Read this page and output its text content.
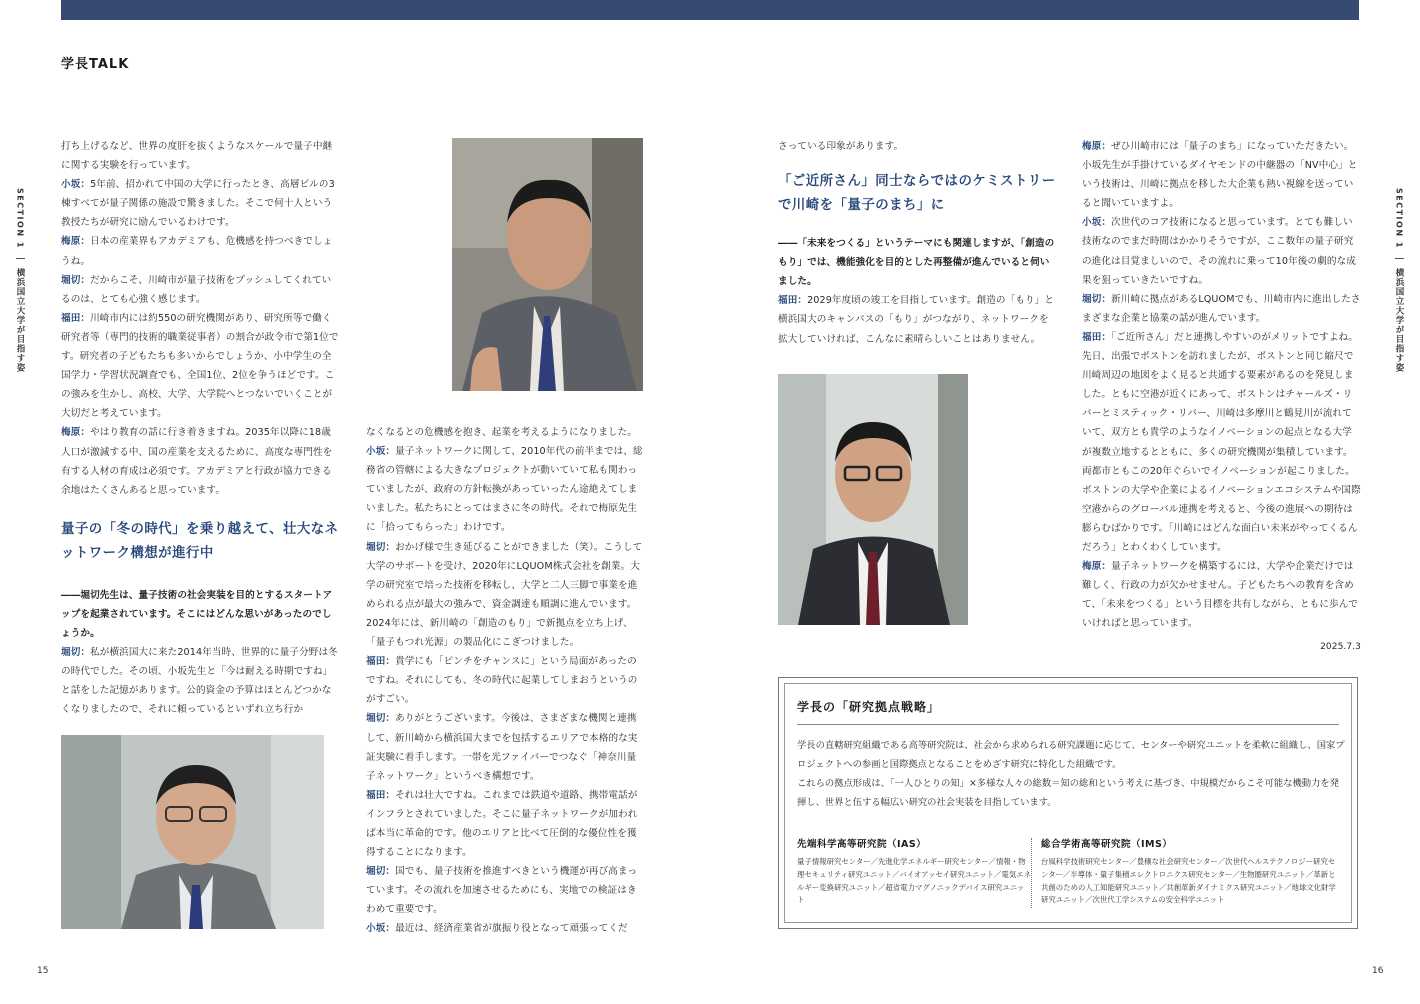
学長TALK
SECTION 1
横浜国立大学が目指す姿
SECTION 1
横浜国立大学が目指す姿

打ち上げるなど、世界の度肝を抜くようなスケールで量子中継に関する実験を行っています。

小坂：5年前、招かれて中国の大学に行ったとき、高層ビルの3棟すべてが量子関係の施設で驚きました。そこで何十人という教授たちが研究に励んでいるわけです。

梅原：日本の産業界もアカデミアも、危機感を持つべきでしょうね。

堀切：だからこそ、川崎市が量子技術をプッシュしてくれているのは、とても心強く感じます。

福田：川崎市内には約550の研究機関があり、研究所等で働く研究者等（専門的技術的職業従事者）の割合が政令市で第1位です。研究者の子どもたちも多いからでしょうか、小中学生の全国学力・学習状況調査でも、全国1位、2位を争うほどです。この強みを生かし、高校、大学、大学院へとつないでいくことが大切だと考えています。

梅原：やはり教育の話に行き着きますね。2035年以降に18歳人口が激減する中、国の産業を支えるために、高度な専門性を有する人材の育成は必須です。アカデミアと行政が協力できる余地はたくさんあると思っています。

量子の「冬の時代」を乗り越えて、壮大なネットワーク構想が進行中

――堀切先生は、量子技術の社会実装を目的とするスタートアップを起業されています。そこにはどんな思いがあったのでしょうか。

堀切：私が横浜国大に来た2014年当時、世界的に量子分野は冬の時代でした。その頃、小坂先生と「今は耐える時期ですね」と話をした記憶があります。公的資金の予算はほとんどつかなくなりましたので、それに頼っているといずれ立ち行か

なくなるとの危機感を抱き、起業を考えるようになりました。

小坂：量子ネットワークに関して、2010年代の前半までは、総務省の管轄による大きなプロジェクトが動いていて私も関わっていましたが、政府の方針転換があっていったん途絶えてしまいました。私たちにとってはまさに冬の時代。それで梅原先生に「拾ってもらった」わけです。

堀切：おかげ様で生き延びることができました（笑）。こうして大学のサポートを受け、2020年にLQUOM株式会社を創業。大学の研究室で培った技術を移転し、大学と二人三脚で事業を進められる点が最大の強みで、資金調達も順調に進んでいます。2024年には、新川崎の「創造のもり」で新拠点を立ち上げ、「量子もつれ光源」の製品化にこぎつけました。

福田：貴学にも「ピンチをチャンスに」という局面があったのですね。それにしても、冬の時代に起業してしまおうというのがすごい。

堀切：ありがとうございます。今後は、さまざまな機関と連携して、新川崎から横浜国大までを包括するエリアで本格的な実証実験に着手します。一帯を光ファイバーでつなぐ「神奈川量子ネットワーク」というべき構想です。

福田：それは壮大ですね。これまでは鉄道や道路、携帯電話がインフラとされていました。そこに量子ネットワークが加われば本当に革命的です。他のエリアと比べて圧倒的な優位性を獲得することになります。

堀切：国でも、量子技術を推進すべきという機運が再び高まっています。その流れを加速させるためにも、実地での検証はきわめて重要です。

小坂：最近は、経済産業省が旗振り役となって頑張ってくだ

さっている印象があります。

「ご近所さん」同士ならではのケミストリーで川崎を「量子のまち」に

――「未来をつくる」というテーマにも関連しますが、「創造のもり」では、機能強化を目的とした再整備が進んでいると伺いました。

福田：2029年度頃の竣工を目指しています。創造の「もり」と横浜国大のキャンパスの「もり」がつながり、ネットワークを拡大していければ、こんなに素晴らしいことはありません。

梅原：ぜひ川崎市には「量子のまち」になっていただきたい。小坂先生が手掛けているダイヤモンドの中継器の「NV中心」という技術は、川崎に拠点を移した大企業も熱い視線を送っていると聞いていますよ。

小坂：次世代のコア技術になると思っています。とても難しい技術なのでまだ時間はかかりそうですが、ここ数年の量子研究の進化は目覚ましいので、その流れに乗って10年後の劇的な成果を狙っていきたいですね。

堀切：新川崎に拠点があるLQUOMでも、川崎市内に進出したさまざまな企業と協業の話が進んでいます。

福田：「ご近所さん」だと連携しやすいのがメリットですよね。先日、出張でボストンを訪れましたが、ボストンと同じ縮尺で川崎周辺の地図をよく見ると共通する要素があるのを発見しました。ともに空港が近くにあって、ボストンはチャールズ・リバーとミスティック・リバー、川崎は多摩川と鶴見川が流れていて、双方とも貴学のようなイノベーションの起点となる大学が複数立地するとともに、多くの研究機関が集積しています。両都市ともこの20年ぐらいでイノベーションが起こりました。ボストンの大学や企業によるイノベーションエコシステムや国際空港からのグローバル連携を考えると、今後の進展への期待は膨らむばかりです。「川崎にはどんな面白い未来がやってくるんだろう」とわくわくしています。

梅原：量子ネットワークを構築するには、大学や企業だけでは難しく、行政の力が欠かせません。子どもたちへの教育を含めて、「未来をつくる」という目標を共有しながら、ともに歩んでいければと思っています。

2025.7.3
学長の「研究拠点戦略」

学長の直轄研究組織である高等研究院は、社会から求められる研究課題に応じて、センターや研究ユニットを柔軟に組織し、国家プロジェクトへの参画と国際拠点となることをめざす研究に特化した組織です。

これらの拠点形成は、「一人ひとりの知」×多様な人々の総数＝知の総和という考えに基づき、中規模だからこそ可能な機動力を発揮し、世界と伍する幅広い研究の社会実装を目指しています。

先端科学高等研究院（IAS）
量子情報研究センター／先進化学エネルギー研究センター／情報・物理セキュリティ研究ユニット／バイオアッセイ研究ユニット／電気エネルギー変換研究ユニット／超省電力マグノニックデバイス研究ユニット
総合学術高等研究院（IMS）
台風科学技術研究センター／豊穣な社会研究センター／次世代ヘルステクノロジー研究センター／半導体・量子集積エレクトロニクス研究センター／生物圏研究ユニット／革新と共創のための人工知能研究ユニット／共創革新ダイナミクス研究ユニット／地球文化財学研究ユニット／次世代工学システムの安全科学ユニット
15	16
